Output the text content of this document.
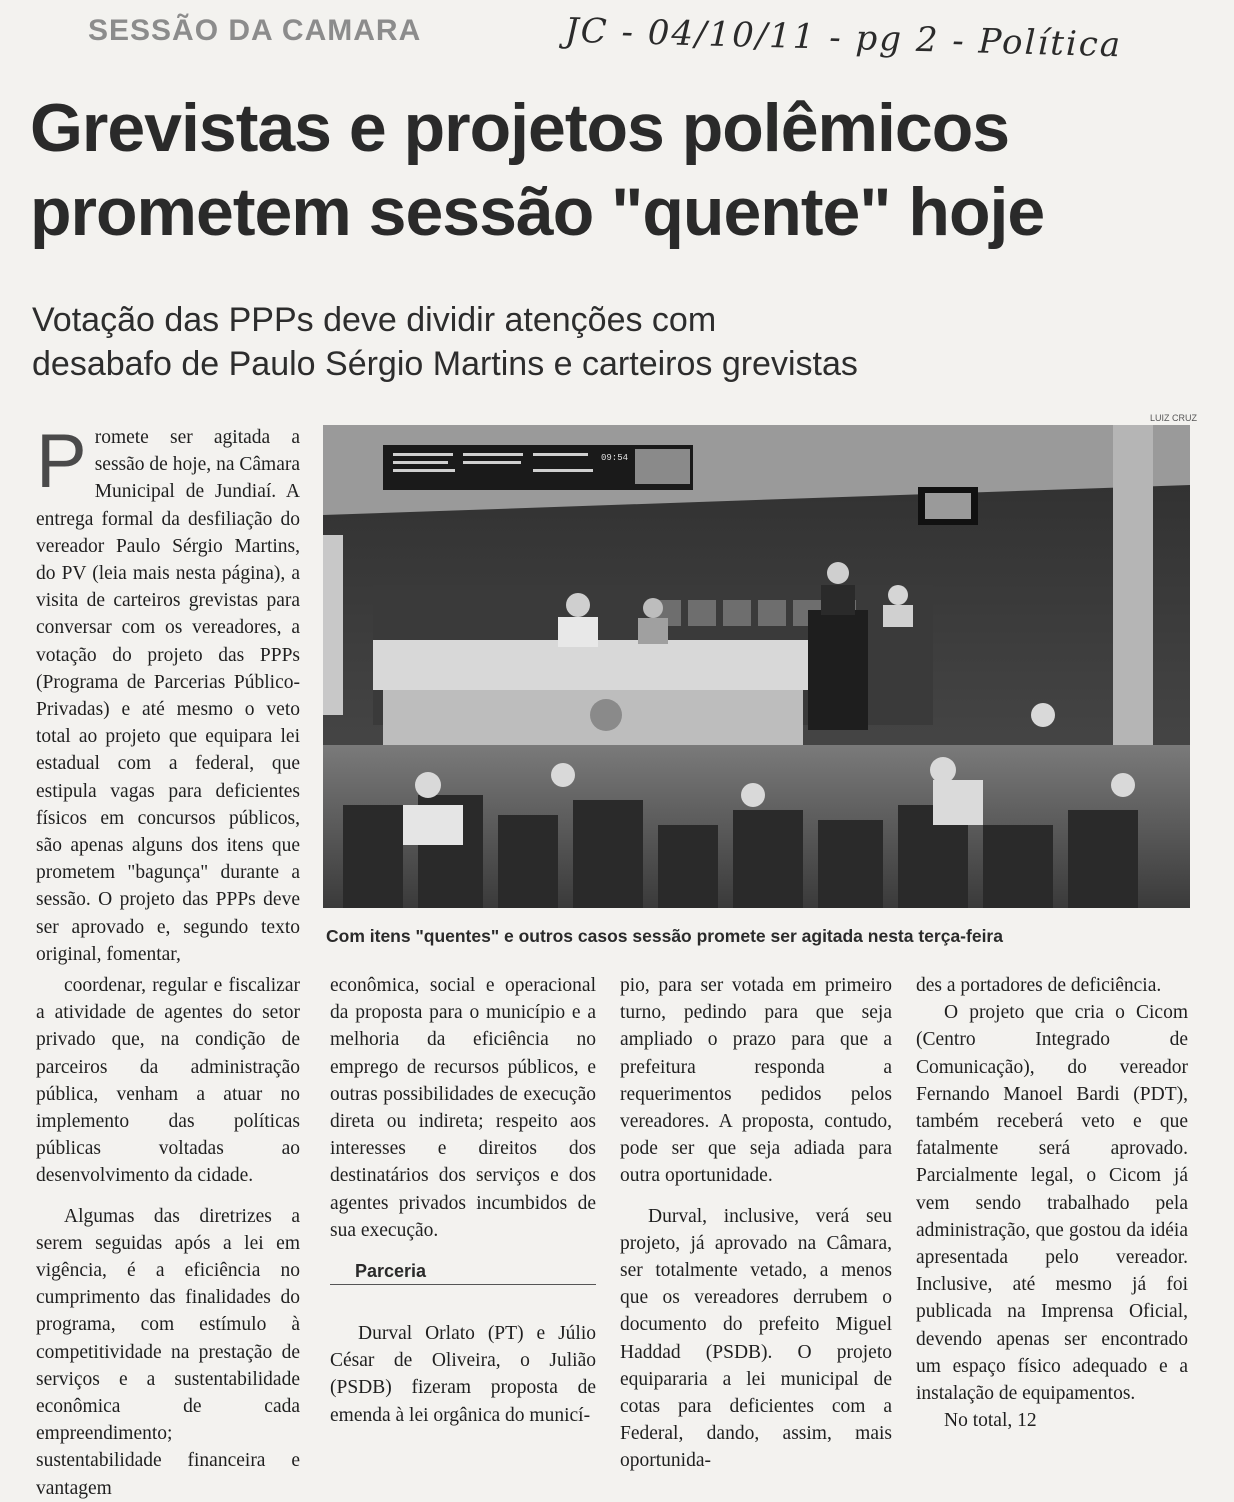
SESSÃO DA CAMARA	JC - 04/10/11 - pg 2 - Política
Grevistas e projetos polêmicos
prometem sessão "quente" hoje
Votação das PPPs deve dividir atenções com
desabafo de Paulo Sérgio Martins e carteiros grevistas

Promete ser agitada a sessão de hoje, na Câmara Municipal de Jundiaí. A entrega formal da desfiliação do vereador Paulo Sérgio Martins, do PV (leia mais nesta página), a visita de carteiros grevistas para conversar com os vereadores, a votação do projeto das PPPs (Programa de Parcerias Público-Privadas) e até mesmo o veto total ao projeto que equipara lei estadual com a federal, que estipula vagas para deficientes físicos em concursos públicos, são apenas alguns dos itens que prometem "bagunça" durante a sessão. O projeto das PPPs deve ser aprovado e, segundo texto original, fomentar,

coordenar, regular e fiscalizar a atividade de agentes do setor privado que, na condição de parceiros da administração pública, venham a atuar no implemento das políticas públicas voltadas ao desenvolvimento da cidade.

Algumas das diretrizes a serem seguidas após a lei em vigência, é a eficiência no cumprimento das finalidades do programa, com estímulo à competitividade na prestação de serviços e a sustentabilidade econômica de cada empreendimento; sustentabilidade financeira e vantagem

LUIZ CRUZ
09:54
Com itens "quentes" e outros casos sessão promete ser agitada nesta terça-feira

econômica, social e operacional da proposta para o município e a melhoria da eficiência no emprego de recursos públicos, e outras possibilidades de execução direta ou indireta; respeito aos interesses e direitos dos destinatários dos serviços e dos agentes privados incumbidos de sua execução.

Parceria

Durval Orlato (PT) e Júlio César de Oliveira, o Julião (PSDB) fizeram proposta de emenda à lei orgânica do municí-

pio, para ser votada em primeiro turno, pedindo para que seja ampliado o prazo para que a prefeitura responda a requerimentos pedidos pelos vereadores. A proposta, contudo, pode ser que seja adiada para outra oportunidade.

Durval, inclusive, verá seu projeto, já aprovado na Câmara, ser totalmente vetado, a menos que os vereadores derrubem o documento do prefeito Miguel Haddad (PSDB). O projeto equipararia a lei municipal de cotas para deficientes com a Federal, dando, assim, mais oportunida-

des a portadores de deficiência.

O projeto que cria o Cicom (Centro Integrado de Comunicação), do vereador Fernando Manoel Bardi (PDT), também receberá veto e que fatalmente será aprovado. Parcialmente legal, o Cicom já vem sendo trabalhado pela administração, que gostou da idéia apresentada pelo vereador. Inclusive, até mesmo já foi publicada na Imprensa Oficial, devendo apenas ser encontrado um espaço físico adequado e a instalação de equipamentos.

No total, 12
